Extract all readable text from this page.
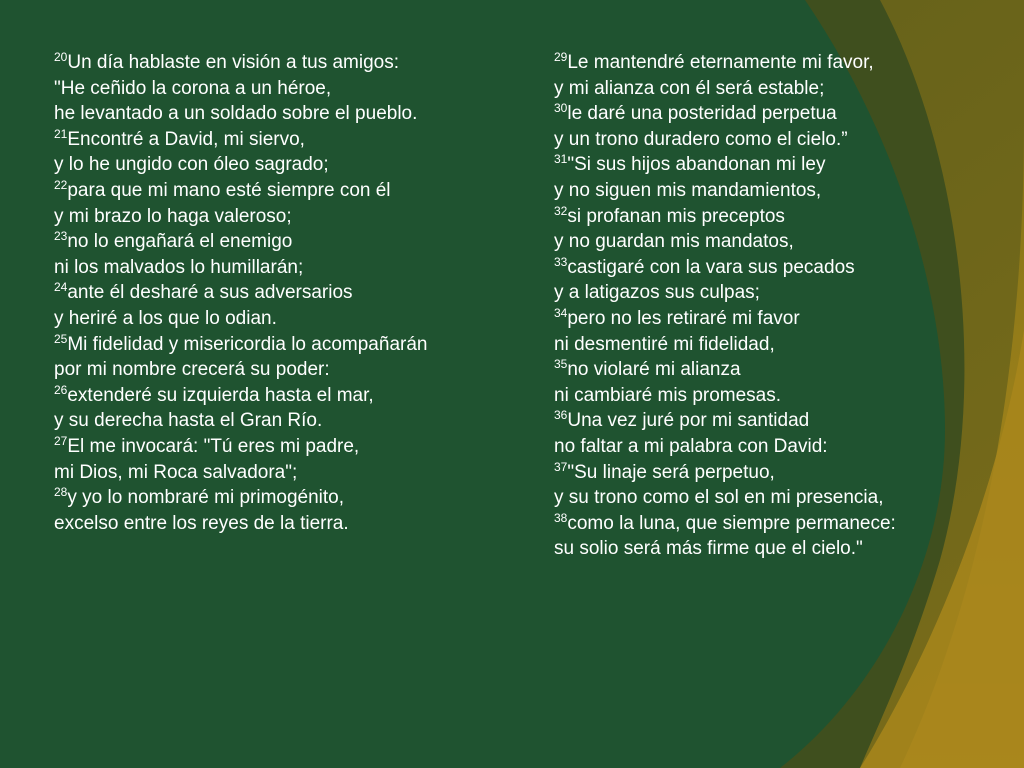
$^{20}$Un día hablaste en visión a tus amigos:
"He ceñido la corona a un héroe,
he levantado a un soldado sobre el pueblo.
$^{21}$Encontré a David, mi siervo,
y lo he ungido con óleo sagrado;
$^{22}$para que mi mano esté siempre con él
y mi brazo lo haga valeroso;
$^{23}$no lo engañará el enemigo
ni los malvados lo humillarán;
$^{24}$ante él desharé a sus adversarios
y heriré a los que lo odian.
$^{25}$Mi fidelidad y misericordia lo acompañarán
por mi nombre crecerá su poder:
$^{26}$extenderé su izquierda hasta el mar,
y su derecha hasta el Gran Río.
$^{27}$El me invocará: "Tú eres mi padre,
mi Dios, mi Roca salvadora";
$^{28}$y yo lo nombraré mi primogénito,
excelso entre los reyes de la tierra.
$^{29}$Le mantendré eternamente mi favor,
y mi alianza con él será estable;
$^{30}$le daré una posteridad perpetua
y un trono duradero como el cielo.”
$^{31}$"Si sus hijos abandonan mi ley
y no siguen mis mandamientos,
$^{32}$si profanan mis preceptos
y no guardan mis mandatos,
$^{33}$castigaré con la vara sus pecados
y a latigazos sus culpas;
$^{34}$pero no les retiraré mi favor
ni desmentiré mi fidelidad,
$^{35}$no violaré mi alianza
ni cambiaré mis promesas.
$^{36}$Una vez juré por mi santidad
no faltar a mi palabra con David:
$^{37}$"Su linaje será perpetuo,
y su trono como el sol en mi presencia,
$^{38}$como la luna, que siempre permanece:
su solio será más firme que el cielo."
